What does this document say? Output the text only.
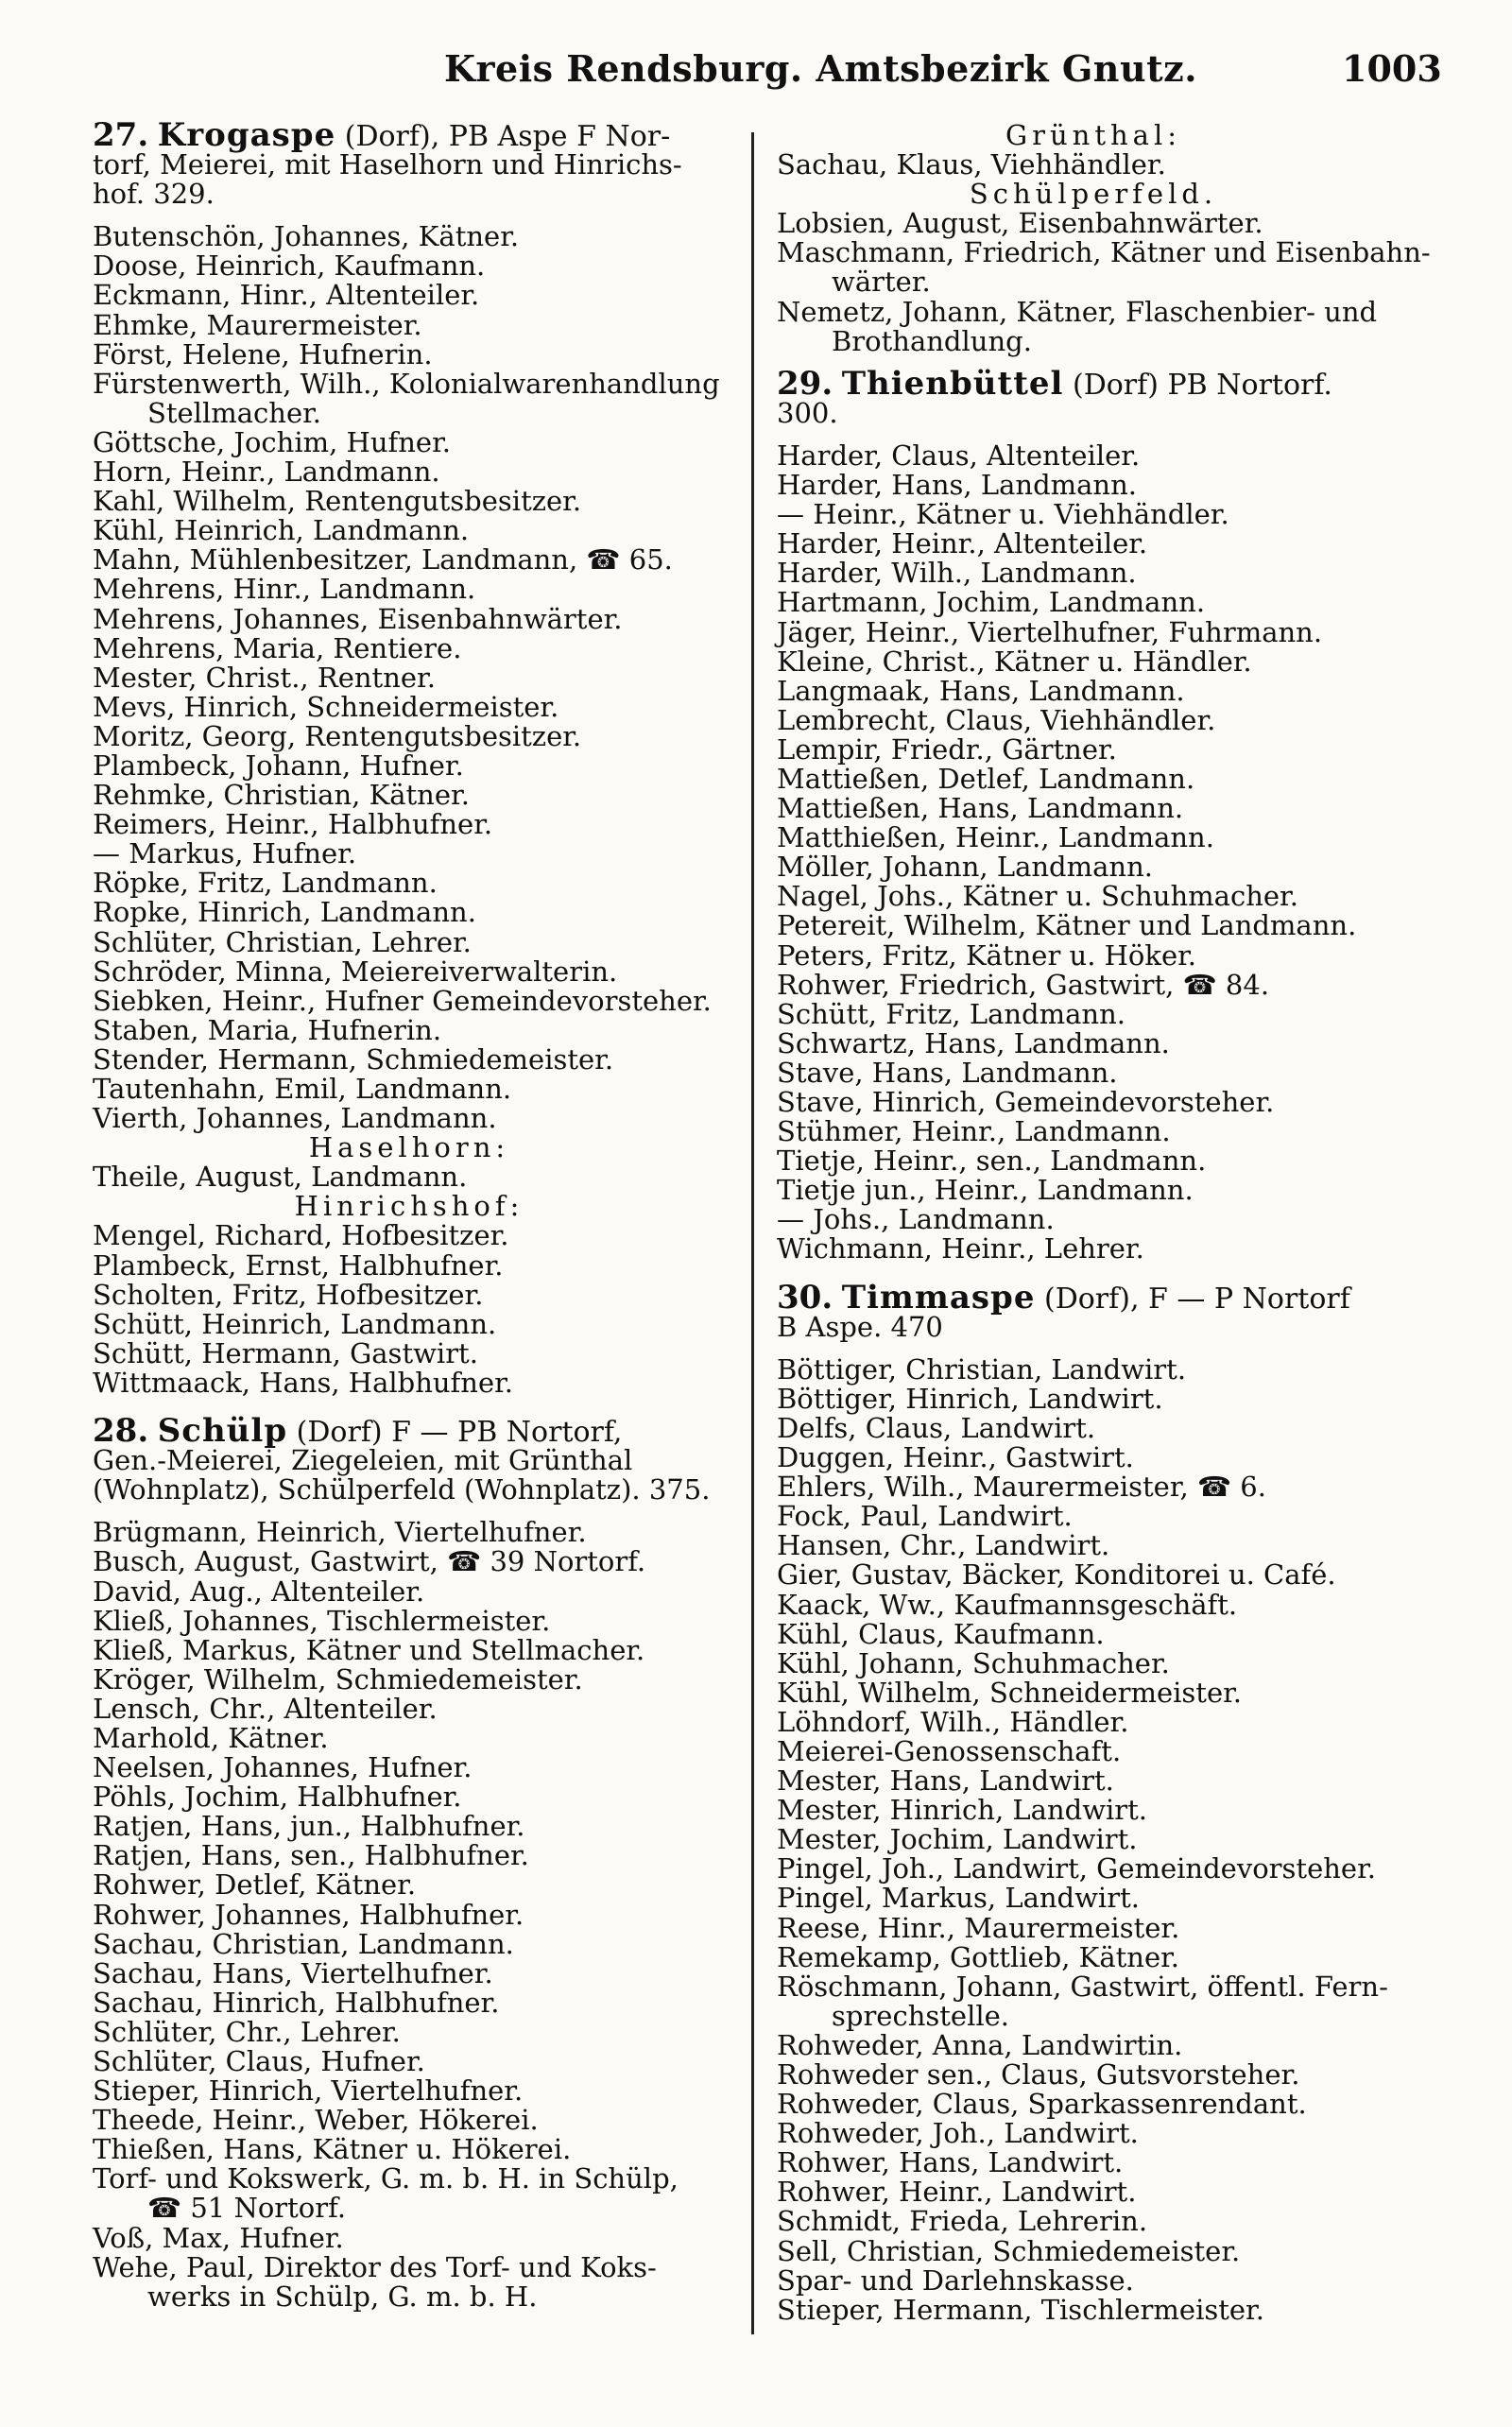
Kreis Rendsburg. Amtsbezirk Gnutz.	1003
27. Krogaspe (Dorf), PB Aspe F Nor-
torf, Meierei, mit Haselhorn und Hinrichs-
hof. 329.
Butenschön, Johannes, Kätner.
Doose, Heinrich, Kaufmann.
Eckmann, Hinr., Altenteiler.
Ehmke, Maurermeister.
Först, Helene, Hufnerin.
Fürstenwerth, Wilh., Kolonialwarenhandlung
Stellmacher.
Göttsche, Jochim, Hufner.
Horn, Heinr., Landmann.
Kahl, Wilhelm, Rentengutsbesitzer.
Kühl, Heinrich, Landmann.
Mahn, Mühlenbesitzer, Landmann, ☎ 65.
Mehrens, Hinr., Landmann.
Mehrens, Johannes, Eisenbahnwärter.
Mehrens, Maria, Rentiere.
Mester, Christ., Rentner.
Mevs, Hinrich, Schneidermeister.
Moritz, Georg, Rentengutsbesitzer.
Plambeck, Johann, Hufner.
Rehmke, Christian, Kätner.
Reimers, Heinr., Halbhufner.
— Markus, Hufner.
Röpke, Fritz, Landmann.
Ropke, Hinrich, Landmann.
Schlüter, Christian, Lehrer.
Schröder, Minna, Meiereiverwalterin.
Siebken, Heinr., Hufner Gemeindevorsteher.
Staben, Maria, Hufnerin.
Stender, Hermann, Schmiedemeister.
Tautenhahn, Emil, Landmann.
Vierth, Johannes, Landmann.
Haselhorn:
Theile, August, Landmann.
Hinrichshof:
Mengel, Richard, Hofbesitzer.
Plambeck, Ernst, Halbhufner.
Scholten, Fritz, Hofbesitzer.
Schütt, Heinrich, Landmann.
Schütt, Hermann, Gastwirt.
Wittmaack, Hans, Halbhufner.
28. Schülp (Dorf) F — PB Nortorf,
Gen.-Meierei, Ziegeleien, mit Grünthal
(Wohnplatz), Schülperfeld (Wohnplatz). 375.
Brügmann, Heinrich, Viertelhufner.
Busch, August, Gastwirt, ☎ 39 Nortorf.
David, Aug., Altenteiler.
Kließ, Johannes, Tischlermeister.
Kließ, Markus, Kätner und Stellmacher.
Kröger, Wilhelm, Schmiedemeister.
Lensch, Chr., Altenteiler.
Marhold, Kätner.
Neelsen, Johannes, Hufner.
Pöhls, Jochim, Halbhufner.
Ratjen, Hans, jun., Halbhufner.
Ratjen, Hans, sen., Halbhufner.
Rohwer, Detlef, Kätner.
Rohwer, Johannes, Halbhufner.
Sachau, Christian, Landmann.
Sachau, Hans, Viertelhufner.
Sachau, Hinrich, Halbhufner.
Schlüter, Chr., Lehrer.
Schlüter, Claus, Hufner.
Stieper, Hinrich, Viertelhufner.
Theede, Heinr., Weber, Hökerei.
Thießen, Hans, Kätner u. Hökerei.
Torf- und Kokswerk, G. m. b. H. in Schülp,
☎ 51 Nortorf.
Voß, Max, Hufner.
Wehe, Paul, Direktor des Torf- und Koks-
werks in Schülp, G. m. b. H.
Grünthal:
Sachau, Klaus, Viehhändler.
Schülperfeld.
Lobsien, August, Eisenbahnwärter.
Maschmann, Friedrich, Kätner und Eisenbahn-
wärter.
Nemetz, Johann, Kätner, Flaschenbier- und
Brothandlung.
29. Thienbüttel (Dorf) PB Nortorf.
300.
Harder, Claus, Altenteiler.
Harder, Hans, Landmann.
— Heinr., Kätner u. Viehhändler.
Harder, Heinr., Altenteiler.
Harder, Wilh., Landmann.
Hartmann, Jochim, Landmann.
Jäger, Heinr., Viertelhufner, Fuhrmann.
Kleine, Christ., Kätner u. Händler.
Langmaak, Hans, Landmann.
Lembrecht, Claus, Viehhändler.
Lempir, Friedr., Gärtner.
Mattießen, Detlef, Landmann.
Mattießen, Hans, Landmann.
Matthießen, Heinr., Landmann.
Möller, Johann, Landmann.
Nagel, Johs., Kätner u. Schuhmacher.
Petereit, Wilhelm, Kätner und Landmann.
Peters, Fritz, Kätner u. Höker.
Rohwer, Friedrich, Gastwirt, ☎ 84.
Schütt, Fritz, Landmann.
Schwartz, Hans, Landmann.
Stave, Hans, Landmann.
Stave, Hinrich, Gemeindevorsteher.
Stühmer, Heinr., Landmann.
Tietje, Heinr., sen., Landmann.
Tietje jun., Heinr., Landmann.
— Johs., Landmann.
Wichmann, Heinr., Lehrer.
30. Timmaspe (Dorf), F — P Nortorf
B Aspe. 470
Böttiger, Christian, Landwirt.
Böttiger, Hinrich, Landwirt.
Delfs, Claus, Landwirt.
Duggen, Heinr., Gastwirt.
Ehlers, Wilh., Maurermeister, ☎ 6.
Fock, Paul, Landwirt.
Hansen, Chr., Landwirt.
Gier, Gustav, Bäcker, Konditorei u. Café.
Kaack, Ww., Kaufmannsgeschäft.
Kühl, Claus, Kaufmann.
Kühl, Johann, Schuhmacher.
Kühl, Wilhelm, Schneidermeister.
Löhndorf, Wilh., Händler.
Meierei-Genossenschaft.
Mester, Hans, Landwirt.
Mester, Hinrich, Landwirt.
Mester, Jochim, Landwirt.
Pingel, Joh., Landwirt, Gemeindevorsteher.
Pingel, Markus, Landwirt.
Reese, Hinr., Maurermeister.
Remekamp, Gottlieb, Kätner.
Röschmann, Johann, Gastwirt, öffentl. Fern-
sprechstelle.
Rohweder, Anna, Landwirtin.
Rohweder sen., Claus, Gutsvorsteher.
Rohweder, Claus, Sparkassenrendant.
Rohweder, Joh., Landwirt.
Rohwer, Hans, Landwirt.
Rohwer, Heinr., Landwirt.
Schmidt, Frieda, Lehrerin.
Sell, Christian, Schmiedemeister.
Spar- und Darlehnskasse.
Stieper, Hermann, Tischlermeister.
